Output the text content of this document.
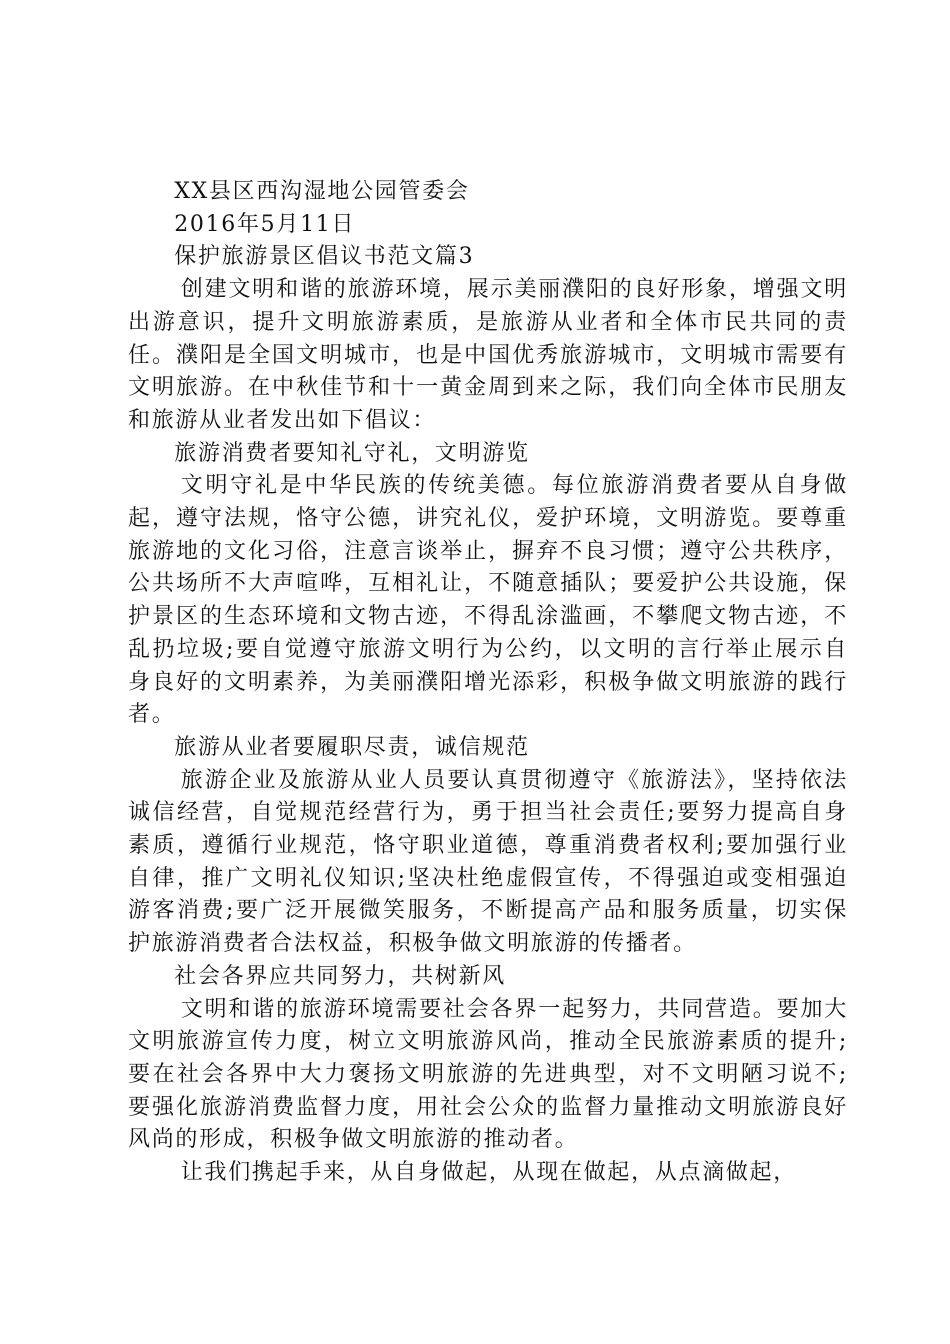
XX县区西沟湿地公园管委会

2016年5月11日

保护旅游景区倡议书范文篇3

创建文明和谐的旅游环境，展示美丽濮阳的良好形象，增强文明出游意识，提升文明旅游素质，是旅游从业者和全体市民共同的责任。濮阳是全国文明城市，也是中国优秀旅游城市，文明城市需要有文明旅游。在中秋佳节和十一黄金周到来之际，我们向全体市民朋友和旅游从业者发出如下倡议：

旅游消费者要知礼守礼，文明游览

文明守礼是中华民族的传统美德。每位旅游消费者要从自身做起，遵守法规，恪守公德，讲究礼仪，爱护环境，文明游览。要尊重旅游地的文化习俗，注意言谈举止，摒弃不良习惯；遵守公共秩序，公共场所不大声喧哗，互相礼让，不随意插队；要爱护公共设施，保护景区的生态环境和文物古迹，不得乱涂滥画，不攀爬文物古迹，不乱扔垃圾;要自觉遵守旅游文明行为公约，以文明的言行举止展示自身良好的文明素养，为美丽濮阳增光添彩，积极争做文明旅游的践行者。

旅游从业者要履职尽责，诚信规范

旅游企业及旅游从业人员要认真贯彻遵守《旅游法》，坚持依法诚信经营，自觉规范经营行为，勇于担当社会责任;要努力提高自身素质，遵循行业规范，恪守职业道德，尊重消费者权利;要加强行业自律，推广文明礼仪知识;坚决杜绝虚假宣传，不得强迫或变相强迫游客消费;要广泛开展微笑服务，不断提高产品和服务质量，切实保护旅游消费者合法权益，积极争做文明旅游的传播者。

社会各界应共同努力，共树新风

文明和谐的旅游环境需要社会各界一起努力，共同营造。要加大文明旅游宣传力度，树立文明旅游风尚，推动全民旅游素质的提升;要在社会各界中大力褒扬文明旅游的先进典型，对不文明陋习说不;要强化旅游消费监督力度，用社会公众的监督力量推动文明旅游良好风尚的形成，积极争做文明旅游的推动者。

让我们携起手来，从自身做起，从现在做起，从点滴做起，
